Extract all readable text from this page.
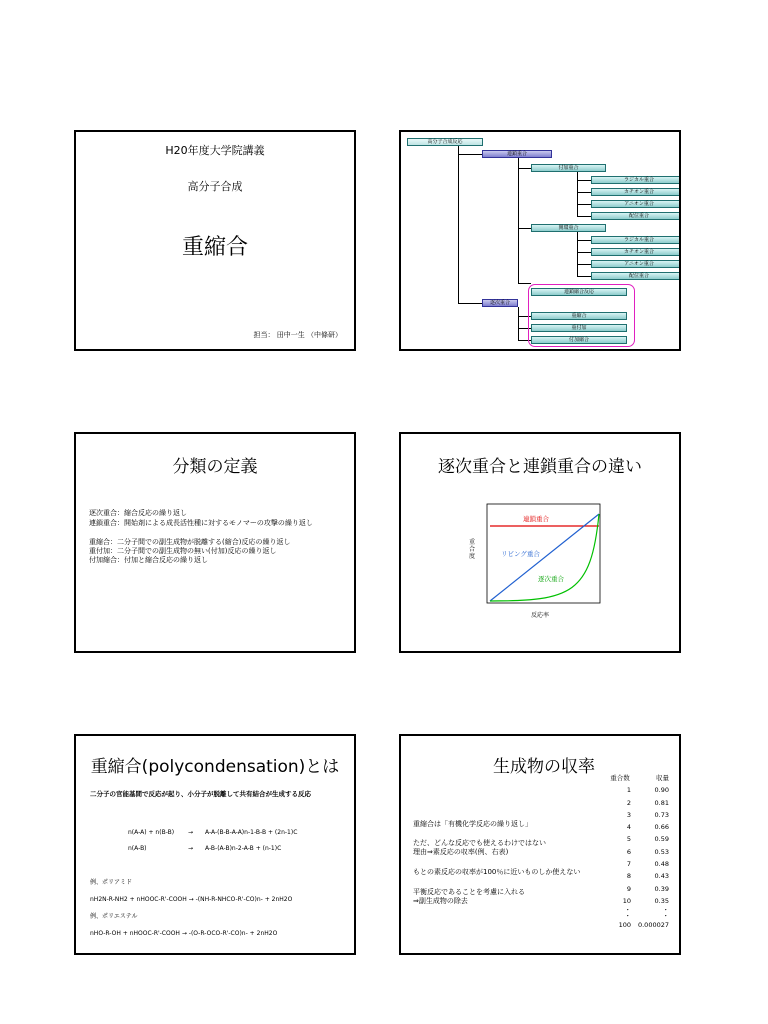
H20年度大学院講義
高分子合成
重縮合
担当： 田中一生 （中條研）
高分子合成反応
連鎖重合
付加重合
ラジカル重合
カチオン重合
アニオン重合
配位重合
開環重合
ラジカル重合
カチオン重合
アニオン重合
配位重合
連鎖縮合反応
逐次重合
重縮合
重付加
付加縮合
分類の定義
逐次重合：縮合反応の繰り返し
連鎖重合：開始剤による成長活性種に対するモノマーの攻撃の繰り返し
重縮合：二分子間での副生成物が脱離する(縮合)反応の繰り返し
重付加：二分子間での副生成物の無い(付加)反応の繰り返し
付加縮合：付加と縮合反応の繰り返し
逐次重合と連鎖重合の違い
連鎖重合
リビング重合
逐次重合
反応率
重合度
重縮合(polycondensation)とは
二分子の官能基間で反応が起り、小分子が脱離して共有結合が生成する反応
n(A-A) + n(B-B) → A-A-(B-B-A-A)n-1-B-B + (2n-1)C
n(A-B)	→ A-B-(A-B)n-2-A-B + (n-1)C
例、ポリアミド
nH2N-R-NH2 + nHOOC-R'-COOH → -(NH-R-NHCO-R'-CO)n- + 2nH2O
例、ポリエステル
nHO-R-OH + nHOOC-R'-COOH → -(O-R-OCO-R'-CO)n- + 2nH2O
生成物の収率
重縮合は「有機化学反応の繰り返し」
ただ、どんな反応でも使えるわけではない
理由⇒素反応の収率(例、右表)
もとの素反応の収率が100％に近いものしか使えない
平衡反応であることを考慮に入れる
⇒副生成物の除去
重合数	収量
1	0.90
2	0.81
3	0.73
4	0.66
5	0.59
6	0.53
7	0.48
8	0.43
9	0.39
10	0.35
・	・
・	・
100	0.000027
